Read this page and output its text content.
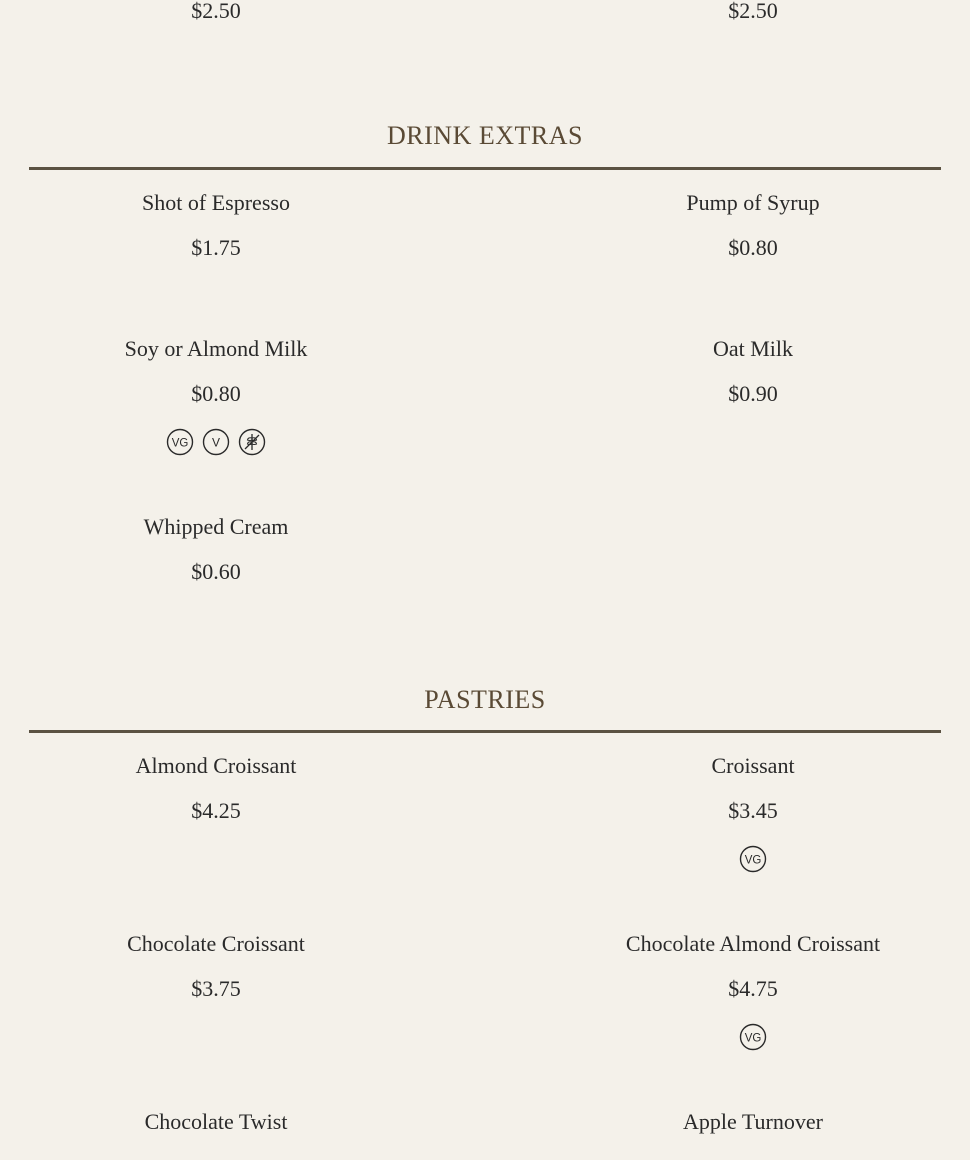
$2.50	$2.50
DRINK EXTRAS
Shot of Espresso
$1.75
Pump of Syrup
$0.80
Soy or Almond Milk
$0.80
VG V
Oat Milk
$0.90
Whipped Cream
$0.60
PASTRIES
Almond Croissant
$4.25
Croissant
$3.45
VG
Chocolate Croissant
$3.75
Chocolate Almond Croissant
$4.75
VG
Chocolate Twist	Apple Turnover
